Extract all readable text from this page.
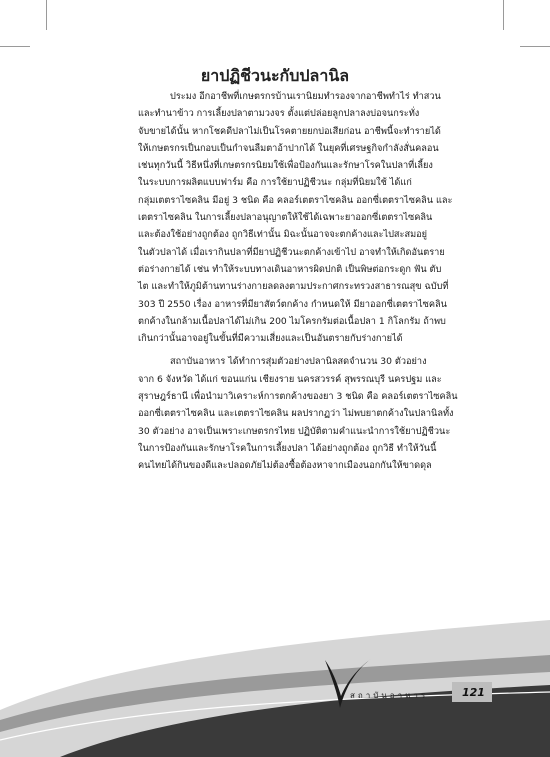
ยาปฏิชีวนะกับปลานิล
ประมง อีกอาชีพที่เกษตรกรบ้านเรานิยมทำรองจากอาชีพทำไร่ ทำสวน
และทำนาข้าว การเลี้ยงปลาตามวงจร ตั้งแต่ปล่อยลูกปลาลงบ่อจนกระทั่ง
จับขายได้นั้น หากโชคดีปลาไม่เป็นโรคตายยกบ่อเสียก่อน อาชีพนี้จะทำรายได้
ให้เกษตรกรเป็นกอบเป็นกำจนลืมตาอ้าปากได้ ในยุคที่เศรษฐกิจกำลังสั่นคลอน
เช่นทุกวันนี้ วิธีหนึ่งที่เกษตรกรนิยมใช้เพื่อป้องกันและรักษาโรคในปลาที่เลี้ยง
ในระบบการผลิตแบบฟาร์ม คือ การใช้ยาปฏิชีวนะ กลุ่มที่นิยมใช้ ได้แก่
กลุ่มเตตราไซคลิน มีอยู่ 3 ชนิด คือ คลอร์เตตราไซคลิน ออกซี่เตตราไซคลิน และ
เตตราไซคลิน ในการเลี้ยงปลาอนุญาตให้ใช้ได้เฉพาะยาออกซี่เตตราไซคลิน
และต้องใช้อย่างถูกต้อง ถูกวิธีเท่านั้น มิฉะนั้นอาจจะตกค้างและไปสะสมอยู่
ในตัวปลาได้ เมื่อเรากินปลาที่มียาปฏิชีวนะตกค้างเข้าไป อาจทำให้เกิดอันตราย
ต่อร่างกายได้ เช่น ทำให้ระบบทางเดินอาหารผิดปกติ เป็นพิษต่อกระดูก ฟัน ตับ
ไต และทำให้ภูมิต้านทานร่างกายลดลงตามประกาศกระทรวงสาธารณสุข ฉบับที่
303 ปี 2550 เรื่อง อาหารที่มียาสัตว์ตกค้าง กำหนดให้ มียาออกซี่เตตราไซคลิน
ตกค้างในกล้ามเนื้อปลาได้ไม่เกิน 200 ไมโครกรัมต่อเนื้อปลา 1 กิโลกรัม ถ้าพบ
เกินกว่านั้นอาจอยู่ในขั้นที่มีความเสี่ยงและเป็นอันตรายกับร่างกายได้
สถาบันอาหาร ได้ทำการสุ่มตัวอย่างปลานิลสดจำนวน 30 ตัวอย่าง
จาก 6 จังหวัด ได้แก่ ขอนแก่น เชียงราย นครสวรรค์ สุพรรณบุรี นครปฐม และ
สุราษฎร์ธานี เพื่อนำมาวิเคราะห์การตกค้างของยา 3 ชนิด คือ คลอร์เตตราไซคลิน
ออกซี่เตตราไซคลิน และเตตราไซคลิน ผลปรากฏว่า ไม่พบยาตกค้างในปลานิลทั้ง
30 ตัวอย่าง อาจเป็นเพราะเกษตรกรไทย ปฏิบัติตามคำแนะนำการใช้ยาปฏิชีวนะ
ในการป้องกันและรักษาโรคในการเลี้ยงปลา ได้อย่างถูกต้อง ถูกวิธี ทำให้วันนี้
คนไทยได้กินของดีและปลอดภัยไม่ต้องซื้อต้องหาจากเมืองนอกกันให้ขาดดุล
สถาบันอาหาร	121
